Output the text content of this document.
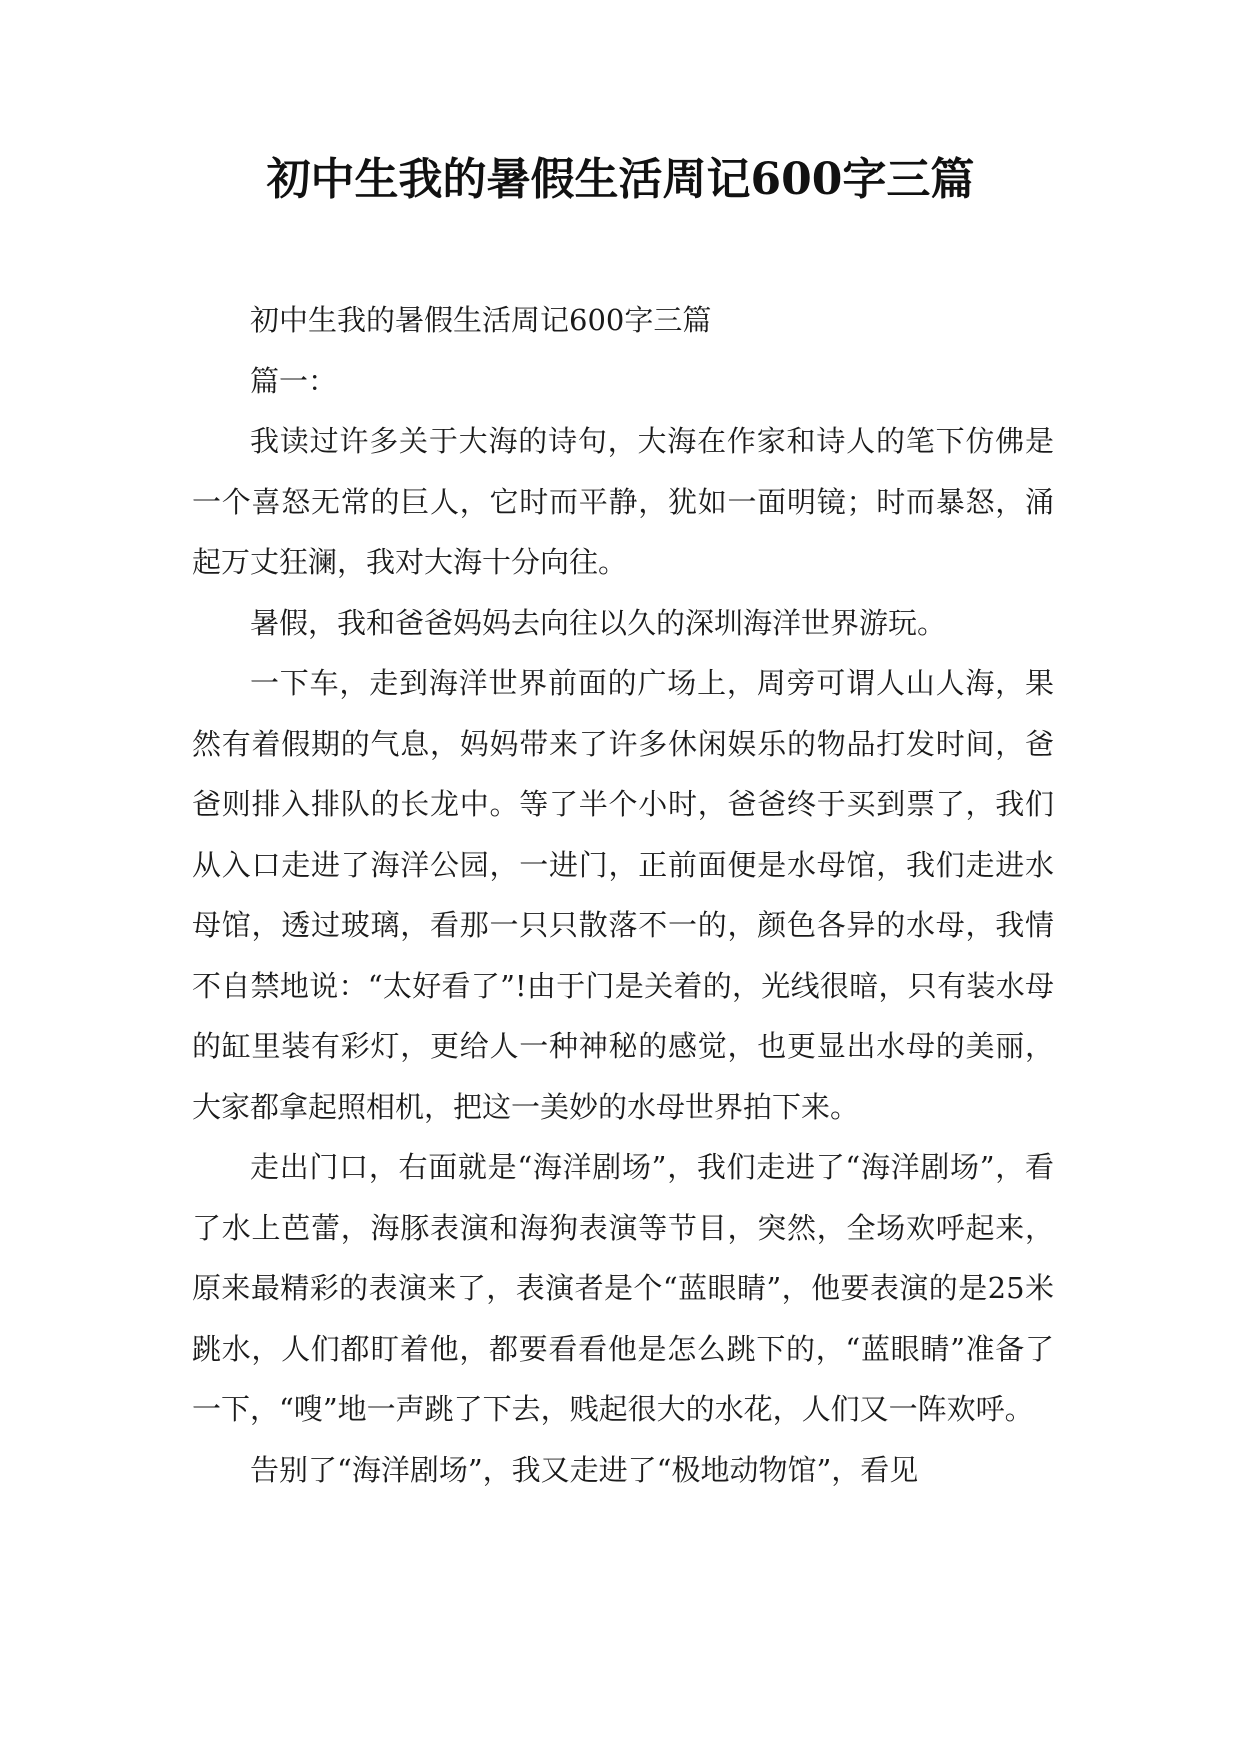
初中生我的暑假生活周记600字三篇

初中生我的暑假生活周记600字三篇

篇一：

我读过许多关于大海的诗句，大海在作家和诗人的笔下仿佛是一个喜怒无常的巨人，它时而平静，犹如一面明镜；时而暴怒，涌起万丈狂澜，我对大海十分向往。

暑假，我和爸爸妈妈去向往以久的深圳海洋世界游玩。

一下车，走到海洋世界前面的广场上，周旁可谓人山人海，果然有着假期的气息，妈妈带来了许多休闲娱乐的物品打发时间，爸爸则排入排队的长龙中。等了半个小时，爸爸终于买到票了，我们从入口走进了海洋公园，一进门，正前面便是水母馆，我们走进水母馆，透过玻璃，看那一只只散落不一的，颜色各异的水母，我情不自禁地说：“太好看了”!由于门是关着的，光线很暗，只有装水母的缸里装有彩灯，更给人一种神秘的感觉，也更显出水母的美丽，大家都拿起照相机，把这一美妙的水母世界拍下来。

走出门口，右面就是“海洋剧场”，我们走进了“海洋剧场”，看了水上芭蕾，海豚表演和海狗表演等节目，突然，全场欢呼起来，原来最精彩的表演来了，表演者是个“蓝眼睛”，他要表演的是25米跳水，人们都盯着他，都要看看他是怎么跳下的，“蓝眼睛”准备了一下，“嗖”地一声跳了下去，贱起很大的水花，人们又一阵欢呼。

告别了“海洋剧场”，我又走进了“极地动物馆”，看见
